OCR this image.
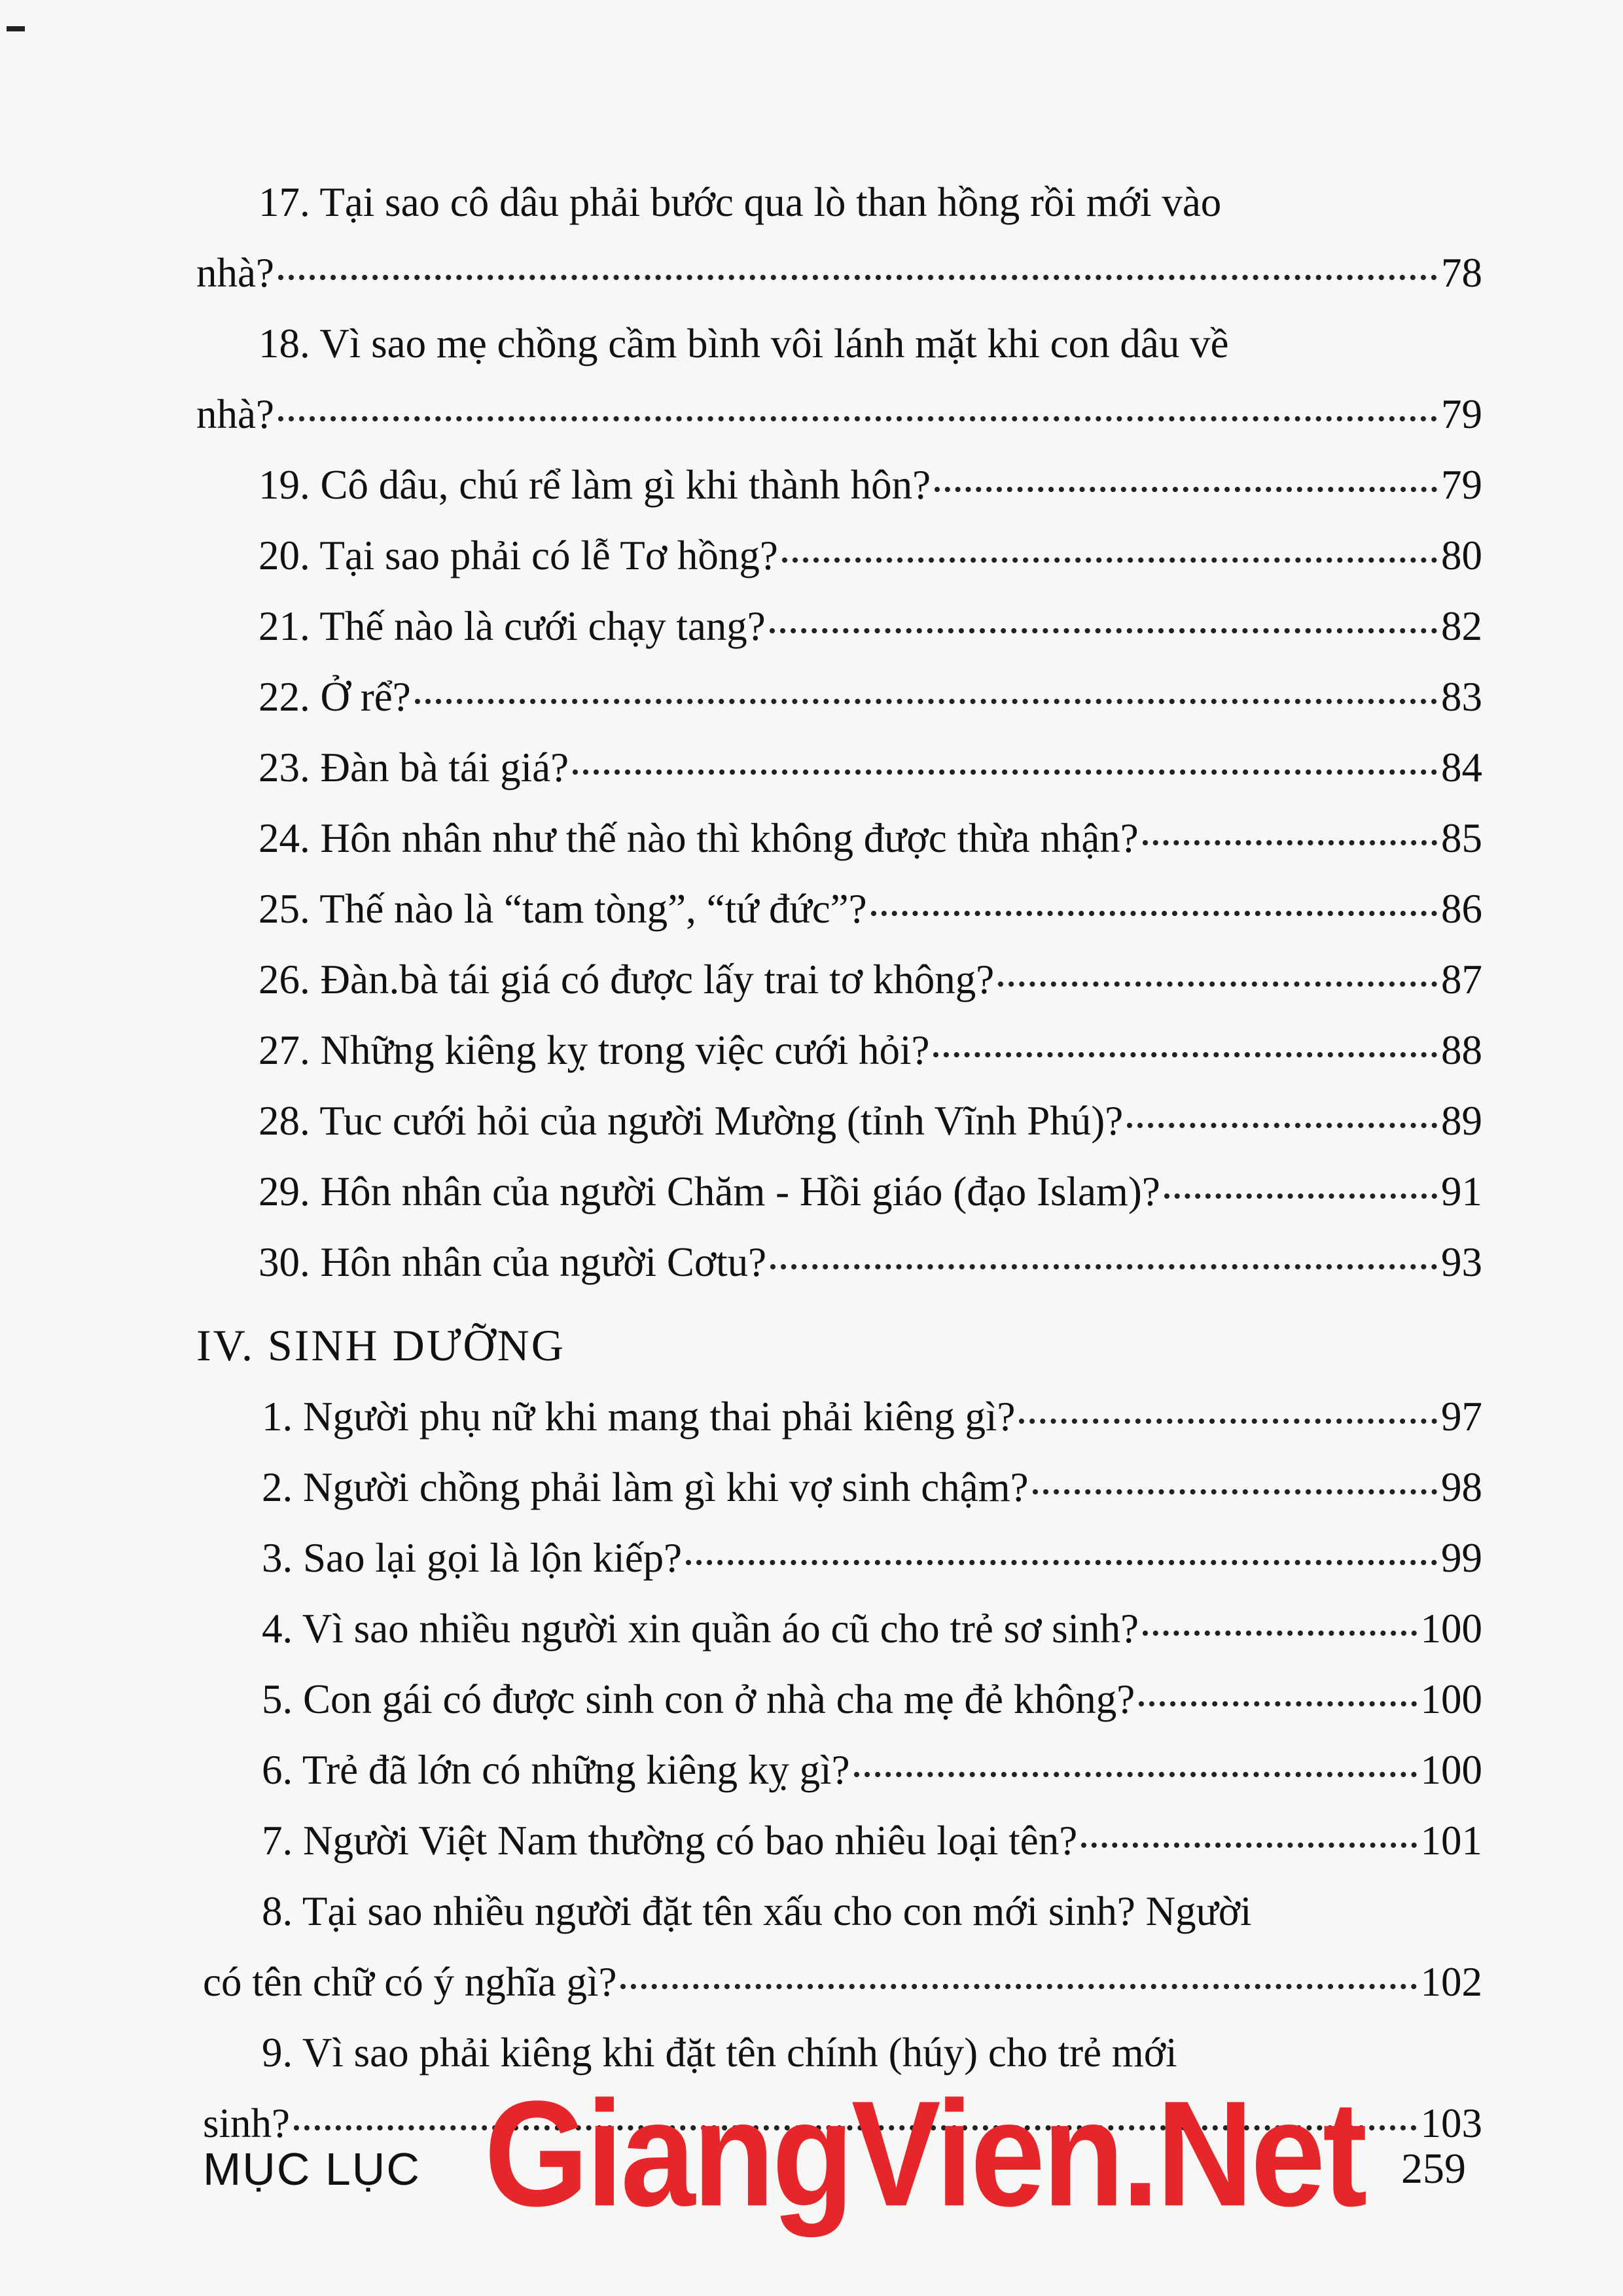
17. Tại sao cô dâu phải bước qua lò than hồng rồi mới vào
nhà?	78
18. Vì sao mẹ chồng cầm bình vôi lánh mặt khi con dâu về
nhà?	79
19. Cô dâu, chú rể làm gì khi thành hôn?	79
20. Tại sao phải có lễ Tơ hồng?	80
21. Thế nào là cưới chạy tang?	82
22. Ở rể?	83
23. Đàn bà tái giá?	84
24. Hôn nhân như thế nào thì không được thừa nhận?	85
25. Thế nào là “tam tòng”, “tứ đức”?	86
26. Đàn.bà tái giá có được lấy trai tơ không?	87
27. Những kiêng kỵ trong việc cưới hỏi?	88
28. Tuc cưới hỏi của người Mường (tỉnh Vĩnh Phú)?	89
29. Hôn nhân của người Chăm - Hồi giáo (đạo Islam)?	91
30. Hôn nhân của người Cơtu?	93
IV. SINH DƯỠNG
1. Người phụ nữ khi mang thai phải kiêng gì?	97
2. Người chồng phải làm gì khi vợ sinh chậm?	98
3. Sao lại gọi là lộn kiếp?	99
4. Vì sao nhiều người xin quần áo cũ cho trẻ sơ sinh?	100
5. Con gái có được sinh con ở nhà cha mẹ đẻ không?	100
6. Trẻ đã lớn có những kiêng kỵ gì?	100
7. Người Việt Nam thường có bao nhiêu loại tên?	101
8. Tại sao nhiều người đặt tên xấu cho con mới sinh? Người
có tên chữ có ý nghĩa gì?	102
9. Vì sao phải kiêng khi đặt tên chính (húy) cho trẻ mới
sinh?	103
GiangVien.Net
MỤC LỤC	259
